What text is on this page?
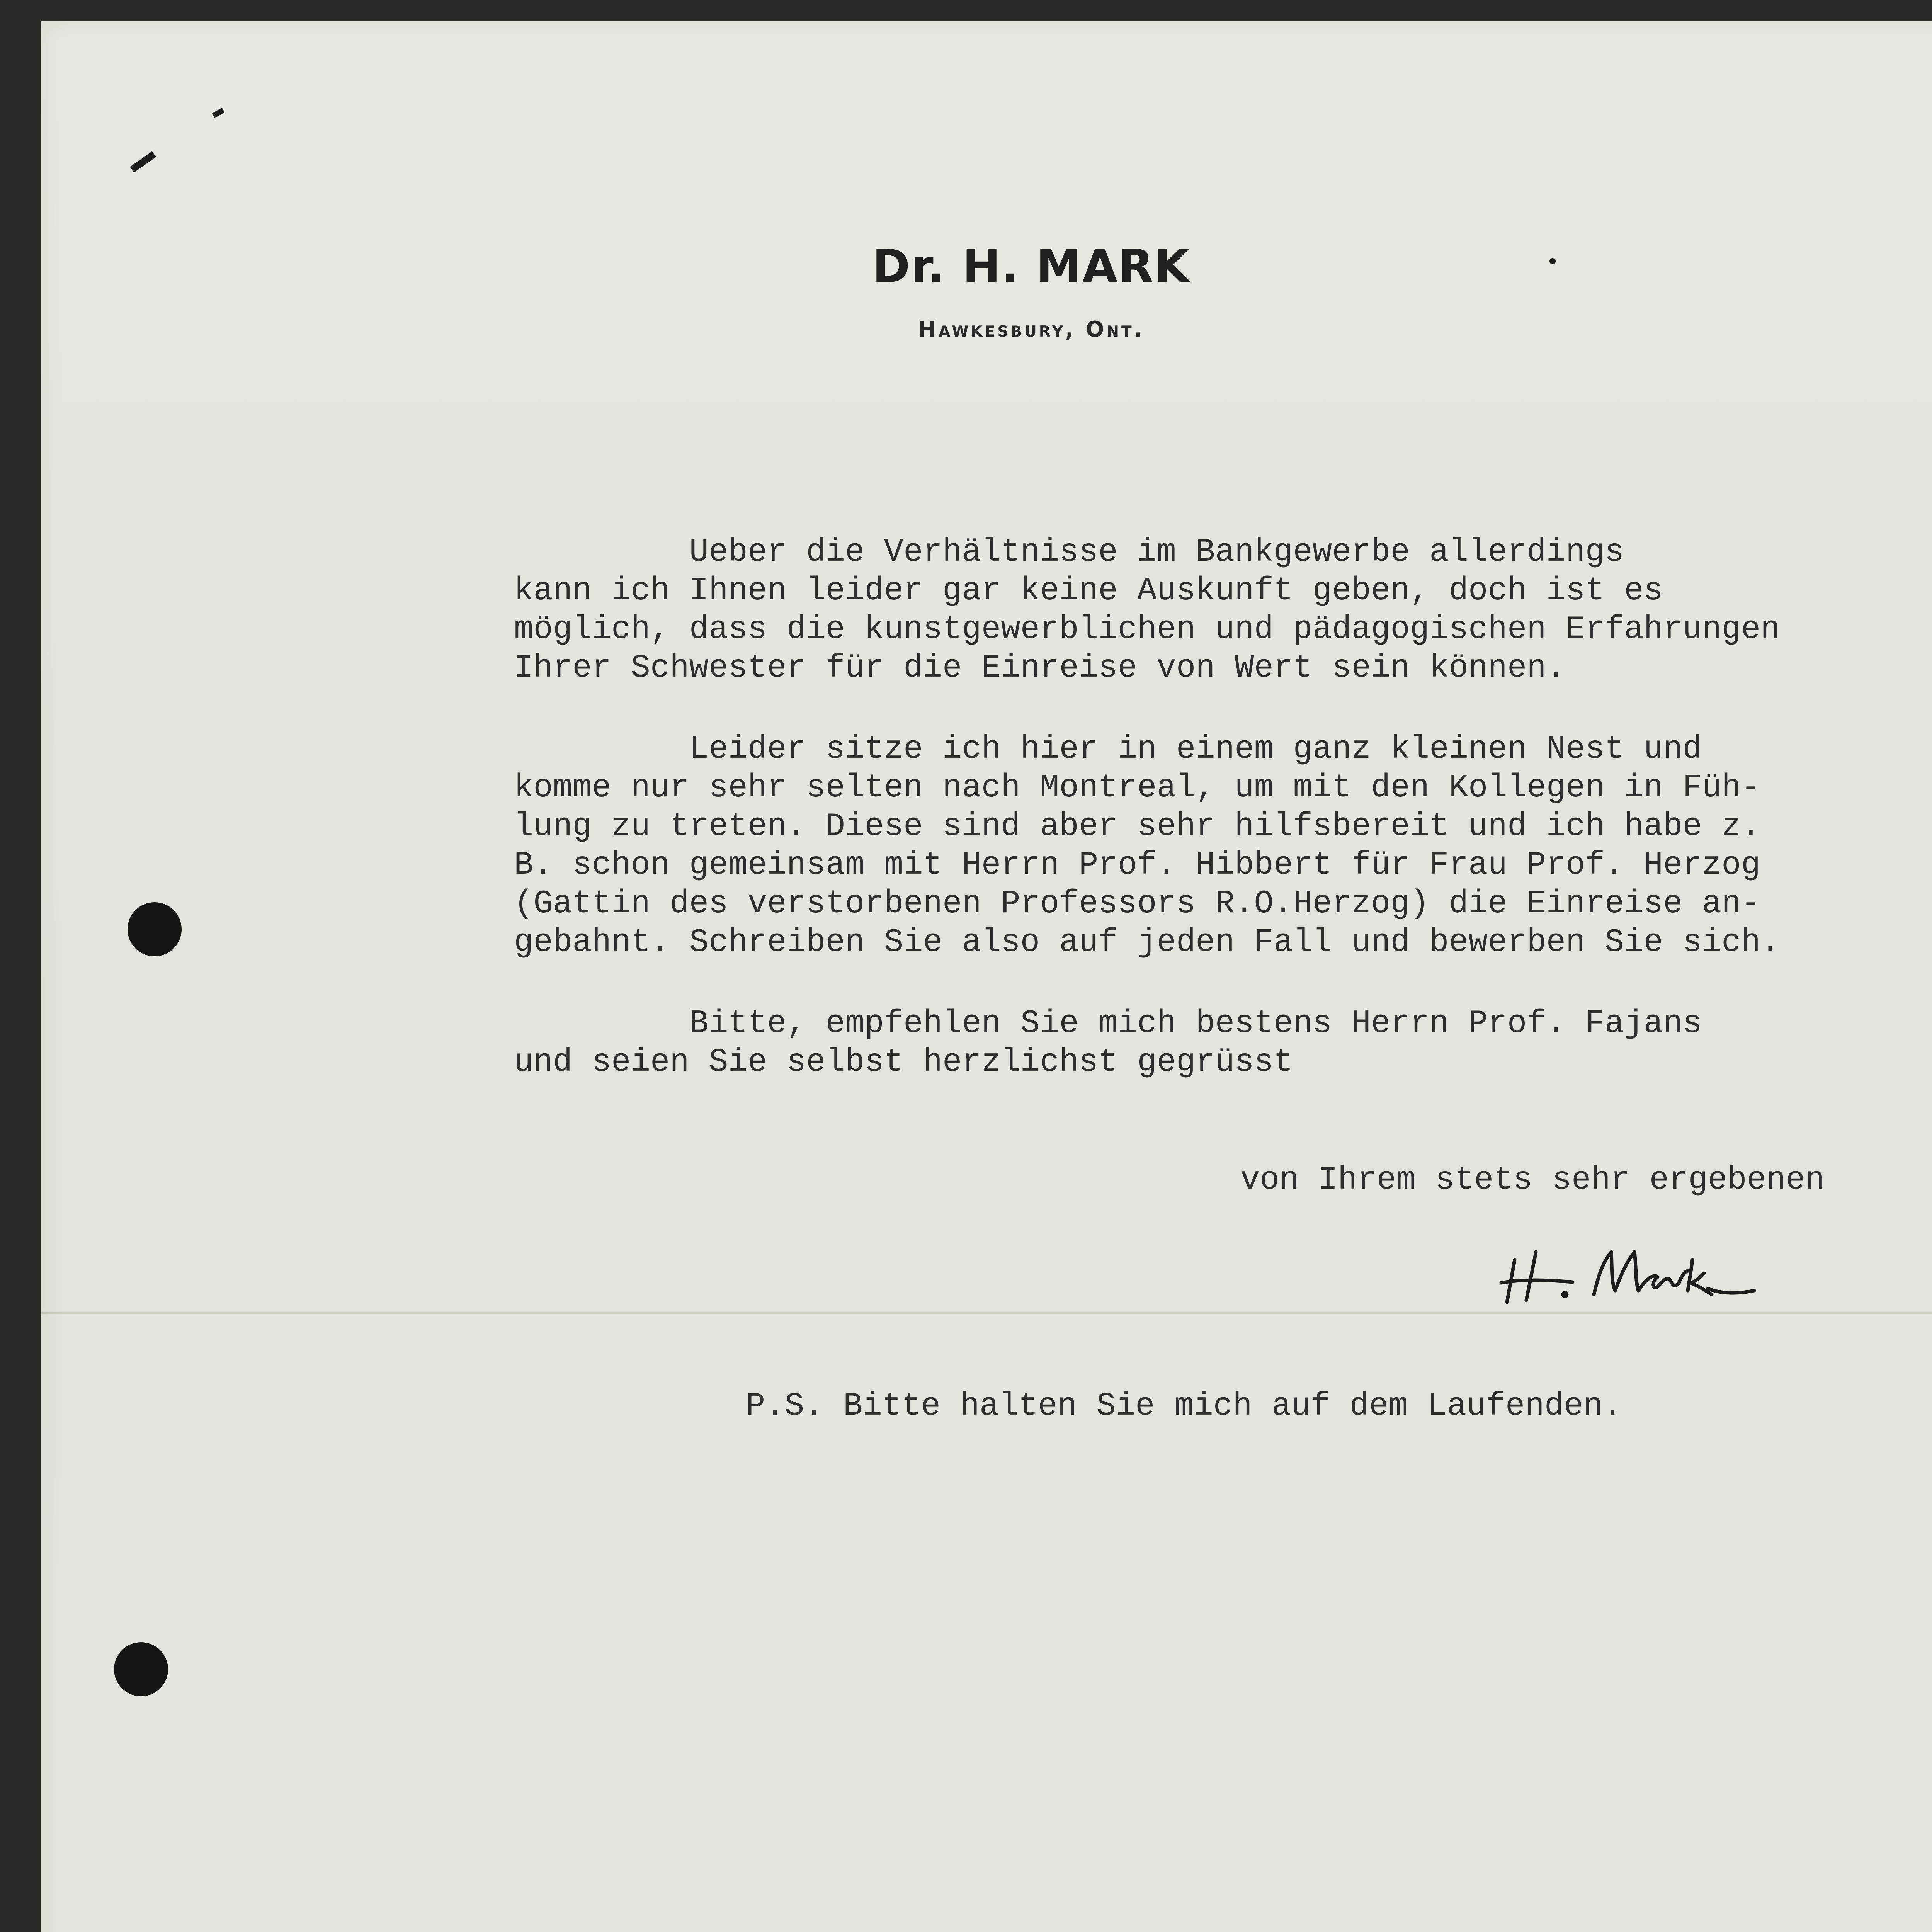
Dr. H. MARK
Hawkesbury, Ont.
Ueber die Verhältnisse im Bankgewerbe allerdings
kann ich Ihnen leider gar keine Auskunft geben, doch ist es
möglich, dass die kunstgewerblichen und pädagogischen Erfahrungen
Ihrer Schwester für die Einreise von Wert sein können.
Leider sitze ich hier in einem ganz kleinen Nest und
komme nur sehr selten nach Montreal, um mit den Kollegen in Füh-
lung zu treten. Diese sind aber sehr hilfsbereit und ich habe z.
B. schon gemeinsam mit Herrn Prof. Hibbert für Frau Prof. Herzog
(Gattin des verstorbenen Professors R.O.Herzog) die Einreise an-
gebahnt. Schreiben Sie also auf jeden Fall und bewerben Sie sich.
Bitte, empfehlen Sie mich bestens Herrn Prof. Fajans
und seien Sie selbst herzlichst gegrüsst
von Ihrem stets sehr ergebenen
P.S. Bitte halten Sie mich auf dem Laufenden.
